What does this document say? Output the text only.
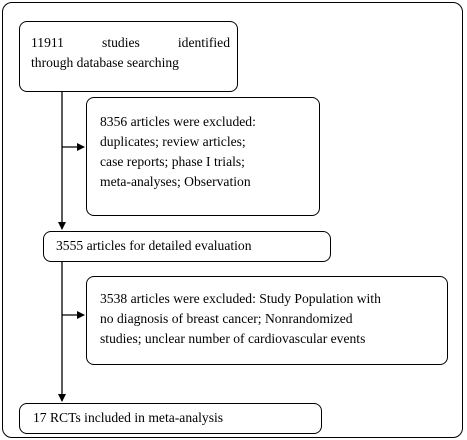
11911 studies identified
through database searching
8356 articles were excluded:
duplicates; review articles;
case reports; phase I trials;
meta-analyses; Observation
3555 articles for detailed evaluation
3538 articles were excluded: Study Population with
no diagnosis of breast cancer; Nonrandomized
studies; unclear number of cardiovascular events
17 RCTs included in meta-analysis
